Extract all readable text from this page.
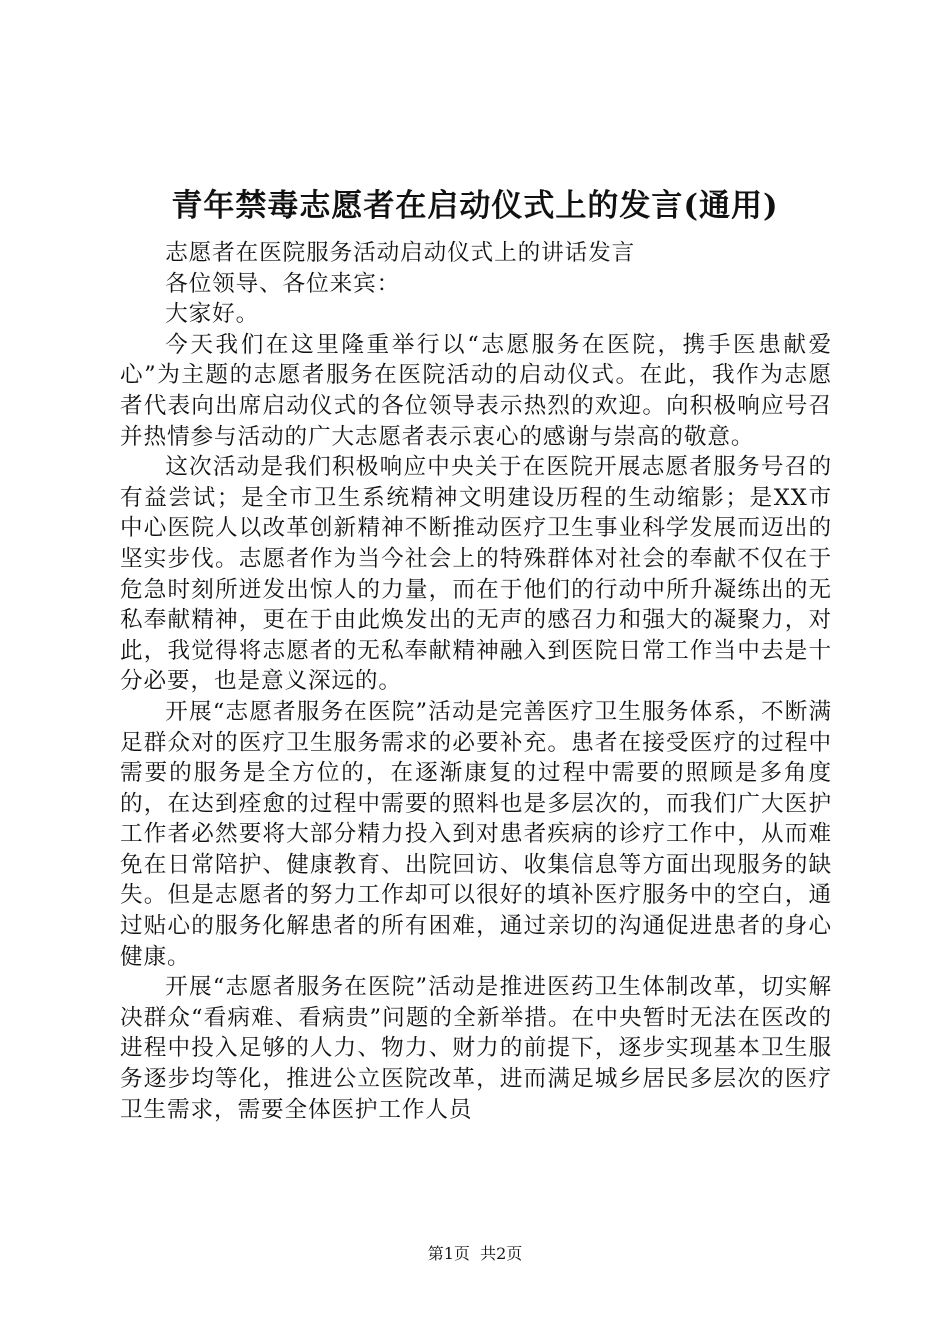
青年禁毒志愿者在启动仪式上的发言(通用)

志愿者在医院服务活动启动仪式上的讲话发言

各位领导、各位来宾：

大家好。

今天我们在这里隆重举行以“志愿服务在医院，携手医患献爱心”为主题的志愿者服务在医院活动的启动仪式。在此，我作为志愿者代表向出席启动仪式的各位领导表示热烈的欢迎。向积极响应号召并热情参与活动的广大志愿者表示衷心的感谢与崇高的敬意。

这次活动是我们积极响应中央关于在医院开展志愿者服务号召的有益尝试；是全市卫生系统精神文明建设历程的生动缩影；是XX市中心医院人以改革创新精神不断推动医疗卫生事业科学发展而迈出的坚实步伐。志愿者作为当今社会上的特殊群体对社会的奉献不仅在于危急时刻所迸发出惊人的力量，而在于他们的行动中所升凝练出的无私奉献精神，更在于由此焕发出的无声的感召力和强大的凝聚力，对此，我觉得将志愿者的无私奉献精神融入到医院日常工作当中去是十分必要，也是意义深远的。

开展“志愿者服务在医院”活动是完善医疗卫生服务体系，不断满足群众对的医疗卫生服务需求的必要补充。患者在接受医疗的过程中需要的服务是全方位的，在逐渐康复的过程中需要的照顾是多角度的，在达到痊愈的过程中需要的照料也是多层次的，而我们广大医护工作者必然要将大部分精力投入到对患者疾病的诊疗工作中，从而难免在日常陪护、健康教育、出院回访、收集信息等方面出现服务的缺失。但是志愿者的努力工作却可以很好的填补医疗服务中的空白，通过贴心的服务化解患者的所有困难，通过亲切的沟通促进患者的身心健康。

开展“志愿者服务在医院”活动是推进医药卫生体制改革，切实解决群众“看病难、看病贵”问题的全新举措。在中央暂时无法在医改的进程中投入足够的人力、物力、财力的前提下，逐步实现基本卫生服务逐步均等化，推进公立医院改革，进而满足城乡居民多层次的医疗卫生需求，需要全体医护工作人员

第1页  共2页
